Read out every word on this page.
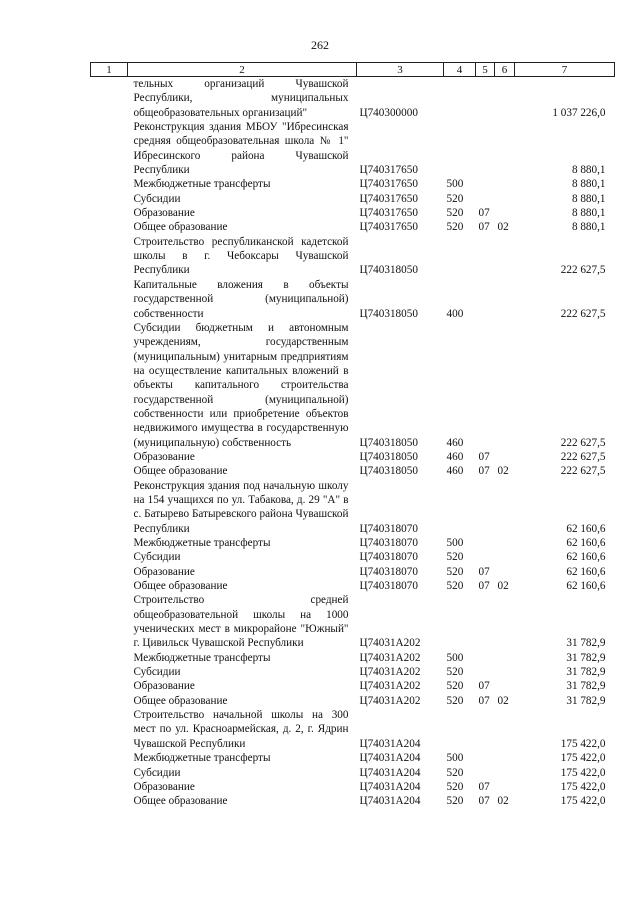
262
1	2	3	4	5	6	7
	тельных организаций Чувашской Республики, муниципальных общеобразовательных организаций"	Ц740300000				1 037 226,0
	Реконструкция здания МБОУ "Ибресинская средняя общеобразовательная школа № 1" Ибресинского района Чувашской Республики	Ц740317650				8 880,1
	Межбюджетные трансферты	Ц740317650	500			8 880,1
	Субсидии	Ц740317650	520			8 880,1
	Образование	Ц740317650	520	07		8 880,1
	Общее образование	Ц740317650	520	07	02	8 880,1
	Строительство республиканской кадетской школы в г. Чебоксары Чувашской Республики	Ц740318050				222 627,5
	Капитальные вложения в объекты государственной (муниципальной) собственности	Ц740318050	400			222 627,5
	Субсидии бюджетным и автономным учреждениям, государственным (муниципальным) унитарным предприятиям на осуществление капитальных вложений в объекты капитального строительства государственной (муниципальной) собственности или приобретение объектов недвижимого имущества в государственную (муниципальную) собственность	Ц740318050	460			222 627,5
	Образование	Ц740318050	460	07		222 627,5
	Общее образование	Ц740318050	460	07	02	222 627,5
	Реконструкция здания под начальную школу на 154 учащихся по ул. Табакова, д. 29 "А" в с. Батырево Батыревского района Чувашской Республики	Ц740318070				62 160,6
	Межбюджетные трансферты	Ц740318070	500			62 160,6
	Субсидии	Ц740318070	520			62 160,6
	Образование	Ц740318070	520	07		62 160,6
	Общее образование	Ц740318070	520	07	02	62 160,6
	Строительство средней общеобразовательной школы на 1000 ученических мест в микрорайоне "Южный" г. Цивильск Чувашской Республики	Ц74031А202				31 782,9
	Межбюджетные трансферты	Ц74031А202	500			31 782,9
	Субсидии	Ц74031А202	520			31 782,9
	Образование	Ц74031А202	520	07		31 782,9
	Общее образование	Ц74031А202	520	07	02	31 782,9
	Строительство начальной школы на 300 мест по ул. Красноармейская, д. 2, г. Ядрин Чувашской Республики	Ц74031А204				175 422,0
	Межбюджетные трансферты	Ц74031А204	500			175 422,0
	Субсидии	Ц74031А204	520			175 422,0
	Образование	Ц74031А204	520	07		175 422,0
	Общее образование	Ц74031А204	520	07	02	175 422,0
